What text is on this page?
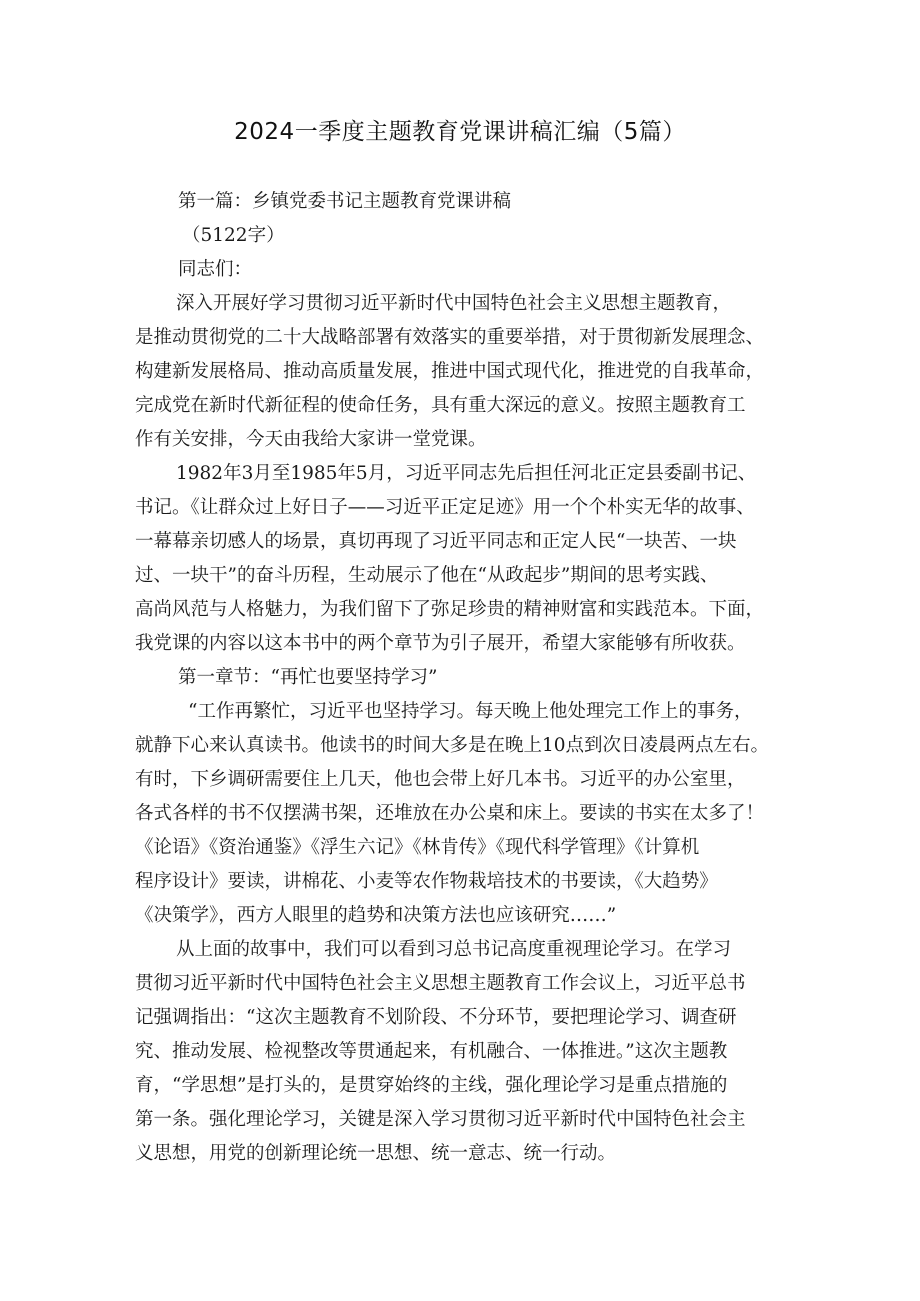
2024一季度主题教育党课讲稿汇编（5篇）
第一篇：乡镇党委书记主题教育党课讲稿
（5122字）
同志们：
深入开展好学习贯彻习近平新时代中国特色社会主义思想主题教育，
是推动贯彻党的二十大战略部署有效落实的重要举措，对于贯彻新发展理念、
构建新发展格局、推动高质量发展，推进中国式现代化，推进党的自我革命，
完成党在新时代新征程的使命任务，具有重大深远的意义。按照主题教育工
作有关安排，今天由我给大家讲一堂党课。
1982年3月至1985年5月，习近平同志先后担任河北正定县委副书记、
书记。《让群众过上好日子——习近平正定足迹》用一个个朴实无华的故事、
一幕幕亲切感人的场景，真切再现了习近平同志和正定人民“一块苦、一块
过、一块干”的奋斗历程，生动展示了他在“从政起步”期间的思考实践、
高尚风范与人格魅力，为我们留下了弥足珍贵的精神财富和实践范本。下面，
我党课的内容以这本书中的两个章节为引子展开，希望大家能够有所收获。
第一章节：“再忙也要坚持学习”
“工作再繁忙，习近平也坚持学习。每天晚上他处理完工作上的事务，
就静下心来认真读书。他读书的时间大多是在晚上10点到次日凌晨两点左右。
有时，下乡调研需要住上几天，他也会带上好几本书。习近平的办公室里，
各式各样的书不仅摆满书架，还堆放在办公桌和床上。要读的书实在太多了！
《论语》《资治通鉴》《浮生六记》《林肯传》《现代科学管理》《计算机
程序设计》要读，讲棉花、小麦等农作物栽培技术的书要读，《大趋势》
《决策学》，西方人眼里的趋势和决策方法也应该研究……”
从上面的故事中，我们可以看到习总书记高度重视理论学习。在学习
贯彻习近平新时代中国特色社会主义思想主题教育工作会议上，习近平总书
记强调指出：“这次主题教育不划阶段、不分环节，要把理论学习、调查研
究、推动发展、检视整改等贯通起来，有机融合、一体推进。”这次主题教
育，“学思想”是打头的，是贯穿始终的主线，强化理论学习是重点措施的
第一条。强化理论学习，关键是深入学习贯彻习近平新时代中国特色社会主
义思想，用党的创新理论统一思想、统一意志、统一行动。
